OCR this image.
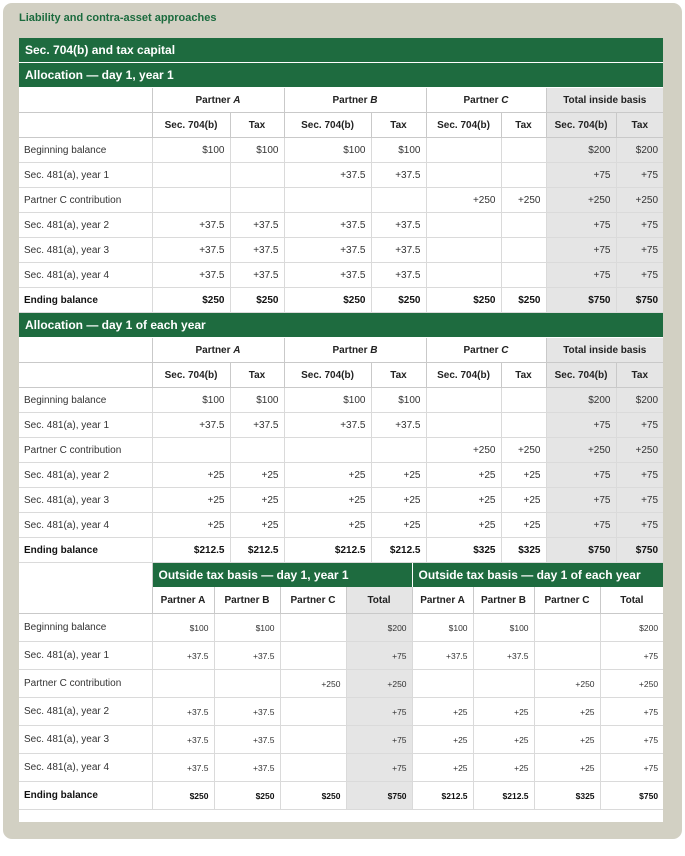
Liability and contra-asset approaches
Sec. 704(b) and tax capital								
Allocation — day 1, year 1								
	Partner A		Partner B		Partner C		Total inside basis	
	Sec. 704(b)	Tax	Sec. 704(b)	Tax	Sec. 704(b)	Tax	Sec. 704(b)	Tax
Beginning balance	$100	$100	$100	$100			$200	$200
Sec. 481(a), year 1			+37.5	+37.5			+75	+75
Partner C contribution					+250	+250	+250	+250
Sec. 481(a), year 2	+37.5	+37.5	+37.5	+37.5			+75	+75
Sec. 481(a), year 3	+37.5	+37.5	+37.5	+37.5			+75	+75
Sec. 481(a), year 4	+37.5	+37.5	+37.5	+37.5			+75	+75
Ending balance	$250	$250	$250	$250	$250	$250	$750	$750
Allocation — day 1 of each year								
	Partner A		Partner B		Partner C		Total inside basis	
	Sec. 704(b)	Tax	Sec. 704(b)	Tax	Sec. 704(b)	Tax	Sec. 704(b)	Tax
Beginning balance	$100	$100	$100	$100			$200	$200
Sec. 481(a), year 1	+37.5	+37.5	+37.5	+37.5			+75	+75
Partner C contribution					+250	+250	+250	+250
Sec. 481(a), year 2	+25	+25	+25	+25	+25	+25	+75	+75
Sec. 481(a), year 3	+25	+25	+25	+25	+25	+25	+75	+75
Sec. 481(a), year 4	+25	+25	+25	+25	+25	+25	+75	+75
Ending balance	$212.5	$212.5	$212.5	$212.5	$325	$325	$750	$750
	Outside tax basis — day 1, year 1				Outside tax basis — day 1 of each year			
	Partner A	Partner B	Partner C	Total	Partner A	Partner B	Partner C	Total
Beginning balance	$100	$100		$200	$100	$100		$200
Sec. 481(a), year 1	+37.5	+37.5		+75	+37.5	+37.5		+75
Partner C contribution			+250	+250			+250	+250
Sec. 481(a), year 2	+37.5	+37.5		+75	+25	+25	+25	+75
Sec. 481(a), year 3	+37.5	+37.5		+75	+25	+25	+25	+75
Sec. 481(a), year 4	+37.5	+37.5		+75	+25	+25	+25	+75
Ending balance	$250	$250	$250	$750	$212.5	$212.5	$325	$750
